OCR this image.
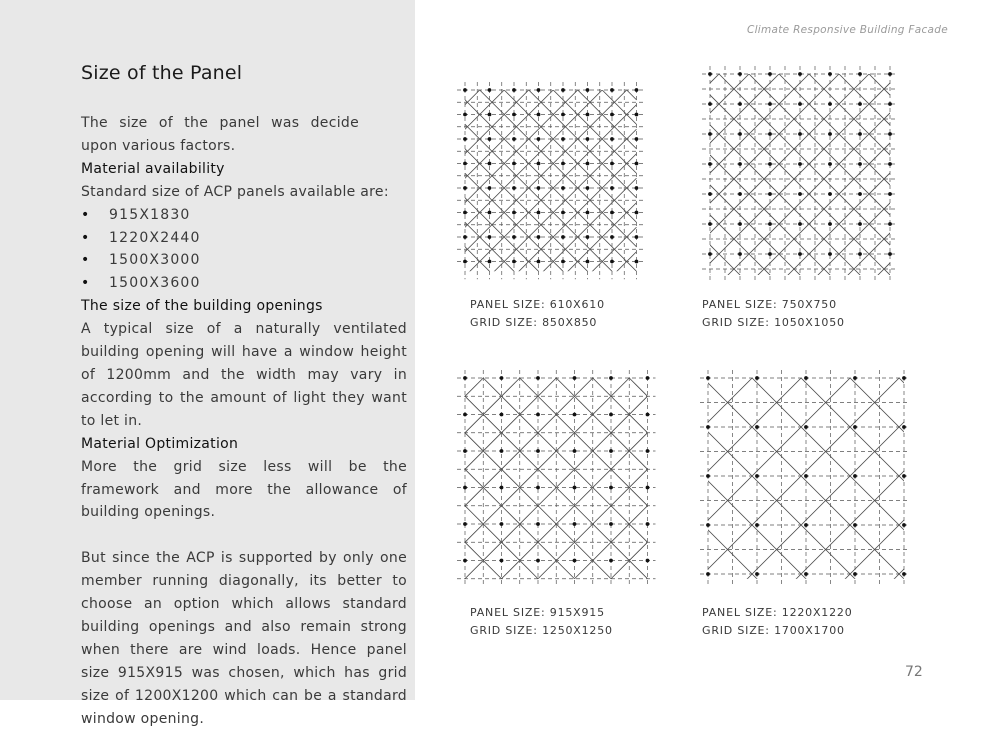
Size of the Panel

The size of the panel was decide upon various factors.

Material availability

Standard size of ACP panels available are:

• 915X1830
• 1220X2440
• 1500X3000
• 1500X3600

The size of the building openings

A typical size of a naturally ventilated building opening will have a window height of 1200mm and the width may vary in according to the amount of light they want to let in.

Material Optimization

More the grid size less will be the framework and more the allowance of building openings.

But since the ACP is supported by only one member running diagonally, its better to choose an option which allows standard building openings and also remain strong when there are wind loads. Hence panel size 915X915 was chosen, which has grid size of 1200X1200 which can be a standard window opening.

Climate Responsive Building Facade
PANEL SIZE: 610X610
GRID SIZE: 850X850
PANEL SIZE: 750X750
GRID SIZE: 1050X1050
PANEL SIZE: 915X915
GRID SIZE: 1250X1250
PANEL SIZE: 1220X1220
GRID SIZE: 1700X1700
72
